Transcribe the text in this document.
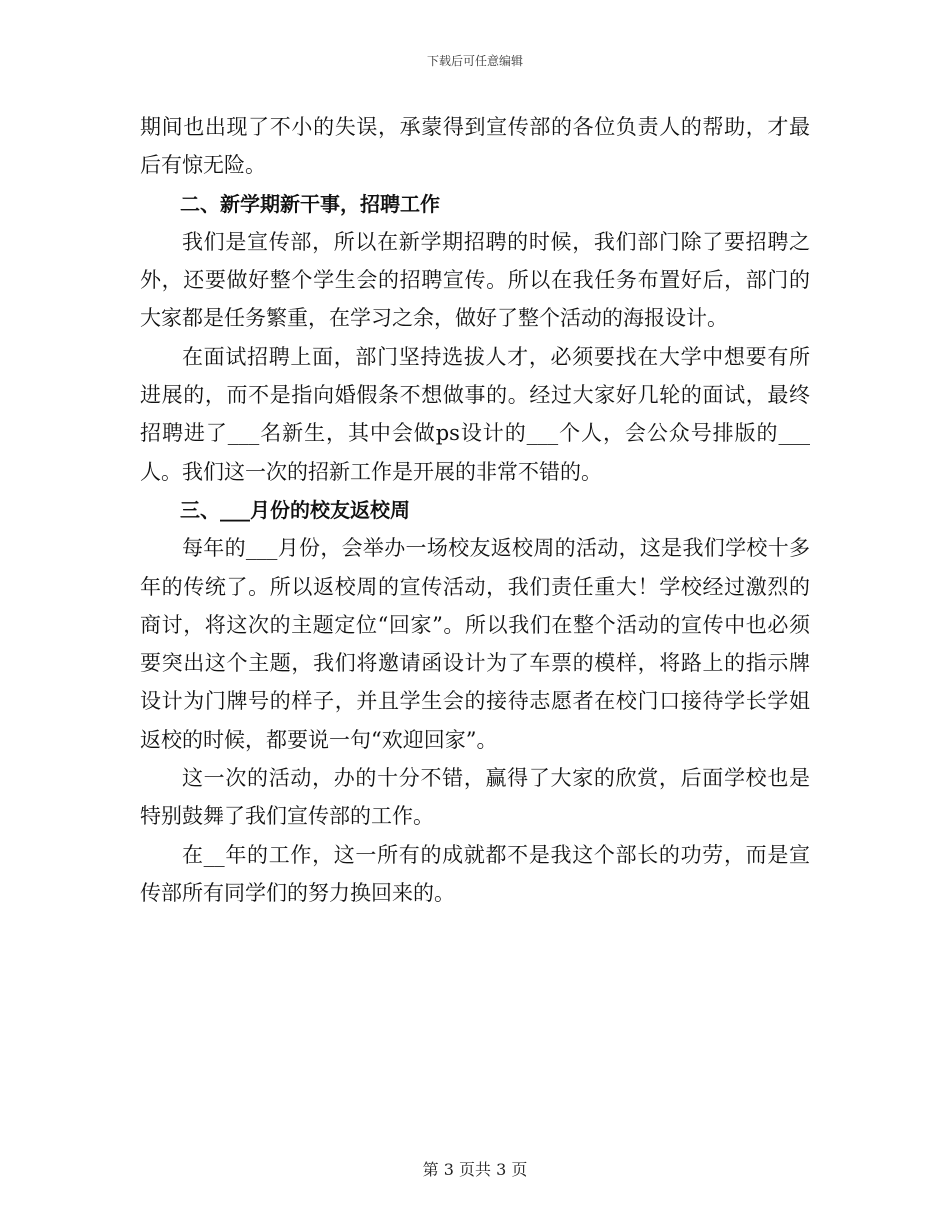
下载后可任意编辑

期间也出现了不小的失误，承蒙得到宣传部的各位负责人的帮助，才最后有惊无险。

二、新学期新干事，招聘工作

我们是宣传部，所以在新学期招聘的时候，我们部门除了要招聘之外，还要做好整个学生会的招聘宣传。所以在我任务布置好后，部门的大家都是任务繁重，在学习之余，做好了整个活动的海报设计。

在面试招聘上面，部门坚持选拔人才，必须要找在大学中想要有所进展的，而不是指向婚假条不想做事的。经过大家好几轮的面试，最终招聘进了___名新生，其中会做ps设计的___个人，会公众号排版的___人。我们这一次的招新工作是开展的非常不错的。

三、___月份的校友返校周

每年的___月份，会举办一场校友返校周的活动，这是我们学校十多年的传统了。所以返校周的宣传活动，我们责任重大！学校经过激烈的商讨，将这次的主题定位“回家”。所以我们在整个活动的宣传中也必须要突出这个主题，我们将邀请函设计为了车票的模样，将路上的指示牌设计为门牌号的样子，并且学生会的接待志愿者在校门口接待学长学姐返校的时候，都要说一句“欢迎回家”。

这一次的活动，办的十分不错，赢得了大家的欣赏，后面学校也是特别鼓舞了我们宣传部的工作。

在__年的工作，这一所有的成就都不是我这个部长的功劳，而是宣传部所有同学们的努力换回来的。

第 3 页共 3 页
